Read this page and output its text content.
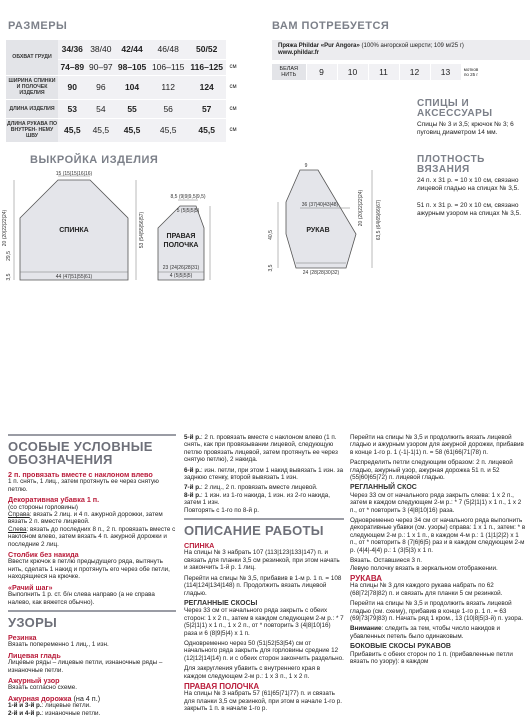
РАЗМЕРЫ
ОБХВАТ ГРУДИ	34/36	38/40	42/44	46/48	50/52	
	74–89	90–97	98–105	106–115	116–125	см
ШИРИНА СПИНКИ И ПОЛОЧЕК ИЗДЕЛИЯ	90	96	104	112	124	см
ДЛИНА ИЗДЕЛИЯ	53	54	55	56	57	см
ДЛИНА РУКАВА ПО ВНУТРЕН- НЕМУ ШВУ	45,5	45,5	45,5	45,5	45,5	см
ВАМ ПОТРЕБУЕТСЯ
Пряжа Phildar «Pur Angora» (100% ангорской шерсти; 109 м/25 г)
www.phildar.fr
БЕЛАЯ НИТЬ	9	10	11	12	13	мотков по 25 г
СПИЦЫ И АКСЕССУАРЫ
Спицы № 3 и 3,5; крючок № 3; 6 пуговиц диаметром 14 мм.
ПЛОТНОСТЬ ВЯЗАНИЯ
24 п. х 31 р. = 10 х 10 см, связано лицевой гладью на спицах № 3,5.
51 п. х 31 р. = 20 х 10 см, связано ажурным узором на спицах № 3,5.
ВЫКРОЙКА ИЗДЕЛИЯ
15 (15|15|16|16)
44 (47|51|55|61)
20 (20|22|22|24)
29,5
3,5
53 (54|55|56|57)
8,5 (9|9|9,5|9,5)
5 (5|5|5|5)
23 (24|26|28|31)
4 (5|5|5|5)
9
36 (37|40|43|48)
24 (28|28|30|32)
40,5
3,5
20 (20|22|22|24) 63,5 (64|65|66|67)
СПИНКА
ПРАВАЯ
ПОЛОЧКА
РУКАВ
ОСОБЫЕ УСЛОВНЫЕ ОБОЗНАЧЕНИЯ
2 п. провязать вместе с наклоном влево

1 п. снять, 1 лиц., затем протянуть ее через снятую петлю.

Декоративная убавка 1 п.

(со стороны горловины)
Справа: вязать 2 лиц. и 4 п. ажурной дорожки, затем вязать 2 п. вместе лицевой.
Слева: вязать до последних 8 п., 2 п. провязать вместе с наклоном влево, затем вязать 4 п. ажурной дорожки и последние 2 лиц.

Столбик без накида

Ввести крючок в петлю предыдущего ряда, вытянуть нить, сделать 1 накид и протянуть его через обе петли, находящиеся на крючке.

«Рачий шаг»

Выполнить 1 р. ст. б/н слева направо (а не справа налево, как вяжется обычно).

УЗОРЫ
Резинка

Вязать попеременно 1 лиц., 1 изн.

Лицевая гладь

Лицевые ряды – лицевые петли, изнаночные ряды – изнаночные петли.

Ажурный узор

Вязать согласно схеме.

Ажурная дорожка (на 4 п.)

1-й и 3-й р.: лицевые петли.
2-й и 4-й р.: изнаночные петли.

5-й р.: 2 п. провязать вместе с наклоном влево (1 п. снять, как при провязывании лицевой, следующую петлю провязать лицевой, затем протянуть ее через снятую петлю), 2 накида.

6-й р.: изн. петли, при этом 1 накид вывязать 1 изн. за заднюю стенку, второй вывязать 1 изн.

7-й р.: 2 лиц., 2 п. провязать вместе лицевой.

8-й р.: 1 изн. из 1-го накида, 1 изн. из 2-го накида, затем 1 изн.

Повторять с 1-го по 8-й р.

ОПИСАНИЕ РАБОТЫ
СПИНКА

На спицы № 3 набрать 107 (113|123|133|147) п. и связать для планки 3,5 см резинкой, при этом начать и закончить 1-й р. 1 лиц.

Перейти на спицы № 3,5, прибавив в 1-м р. 1 п. = 108 (114|124|134|148) п. Продолжить вязать лицевой гладью.

РЕГЛАННЫЕ СКОСЫ

Через 33 см от начального ряда закрыть с обеих сторон: 1 х 2 п., затем в каждом следующем 2-м р.: * 7 (5|2|1|1) х 1 п., 1 х 2 п., от * повторить 3 (4|8|10|16) раза и 6 (8|9|5|4) х 1 п.

Одновременно через 50 (51|52|53|54) см от начального ряда закрыть для горловины средние 12 (12|12|14|14) п. и с обеих сторон закончить раздельно.

Для закругления убавить с внутреннего края в каждом следующем 2-м р.: 1 х 3 п., 1 х 2 п.

ПРАВАЯ ПОЛОЧКА

На спицы № 3 набрать 57 (61|65|71|77) п. и связать для планки 3,5 см резинкой, при этом в начале 1-го р. закрыть 1 п. в начале 1-го р.

Перейти на спицы № 3,5 и продолжить вязать лицевой гладью и ажурным узором для ажурной дорожки, прибавив в конце 1-го р. 1 (-1|-1|1) п. = 58 (61|66|71|78) п.

Распределить петли следующим образом: 2 п. лицевой гладью, ажурный узор, ажурная дорожка 51 п. и 52 (55|60|65|72) п. лицевой гладью.

РЕГЛАННЫЙ СКОС

Через 33 см от начального ряда закрыть слева: 1 х 2 п., затем в каждом следующем 2-м р.: * 7 (5|2|1|1) х 1 п., 1 х 2 п., от * повторить 3 (4|8|10|16) раза.

Одновременно через 34 см от начального ряда выполнить декоративные убавки (см. узоры) справа: 1 х 1 п., затем: * в следующем 2-м р.: 1 х 1 п., в каждом 4-м р.: 1 (1|1|2|2) х 1 п., от * повторить 8 (7|6|6|5) раз и в каждом следующем 2-м р. (4|4|-4|4) р.: 1 (3|5|3) х 1 п.

Вязать. Оставшиеся 3 п.

Левую полочку вязать в зеркальном отображении.

РУКАВА

На спицы № 3 для каждого рукава набрать по 62 (68|72|78|82) п. и связать для планки 5 см резинкой.

Перейти на спицы № 3,5 и продолжить вязать лицевой гладью (см. схему), прибавив в конце 1-го р. 1 п. = 63 (69|73|79|83) п. Начать ряд 1 кром., 13 (10|8|5|3-й) п. узора.

Внимание: следить за тем, чтобы число накидов и убавленных петель было одинаковым.

БОКОВЫЕ СКОСЫ РУКАВОВ

Прибавить с обеих сторон по 1 п. (прибавленные петли вязать по узору): в каждом
